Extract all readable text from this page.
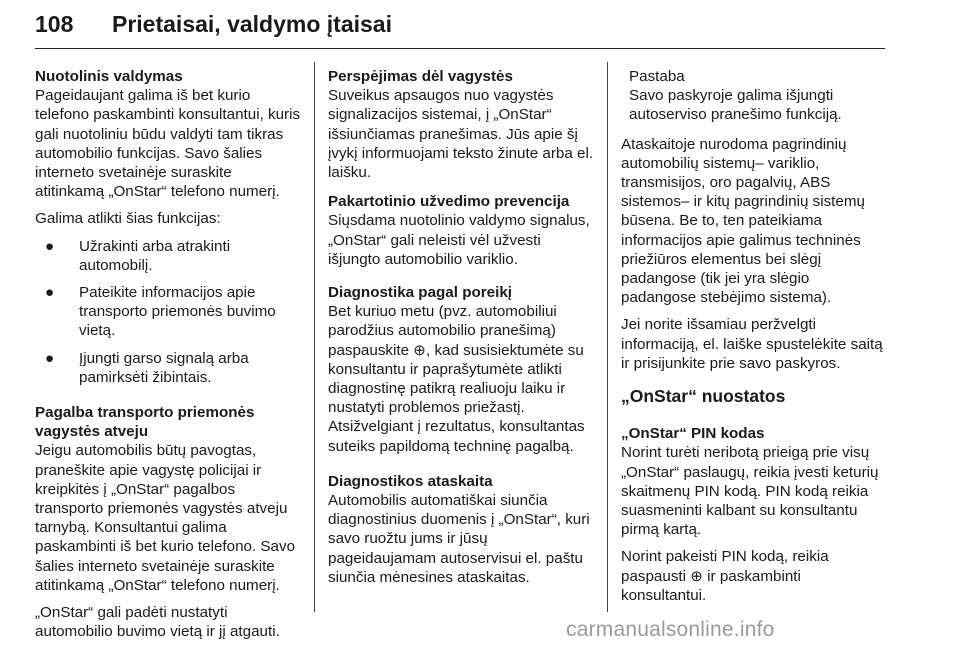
108 Prietaisai, valdymo įtaisai
Nuotolinis valdymas
Pageidaujant galima iš bet kurio telefono paskambinti konsultantui, kuris gali nuotoliniu būdu valdyti tam tikras automobilio funkcijas. Savo šalies interneto svetainėje suraskite atitinkamą „OnStar“ telefono numerį.
Galima atlikti šias funkcijas:
● Užrakinti arba atrakinti automobilį.
● Pateikite informacijos apie transporto priemonės buvimo vietą.
● Įjungti garso signalą arba pamirksėti žibintais.
Pagalba transporto priemonės vagystės atveju
Jeigu automobilis būtų pavogtas, praneškite apie vagystę policijai ir kreipkitės į „OnStar“ pagalbos transporto priemonės vagystės atveju tarnybą. Konsultantui galima paskambinti iš bet kurio telefono. Savo šalies interneto svetainėje suraskite atitinkamą „OnStar“ telefono numerį.
„OnStar“ gali padėti nustatyti automobilio buvimo vietą ir jį atgauti.
Perspėjimas dėl vagystės
Suveikus apsaugos nuo vagystės signalizacijos sistemai, į „OnStar“ išsiunčiamas pranešimas. Jūs apie šį įvykį informuojami teksto žinute arba el. laišku.
Pakartotinio užvedimo prevencija
Siųsdama nuotolinio valdymo signalus, „OnStar“ gali neleisti vėl užvesti išjungto automobilio variklio.
Diagnostika pagal poreikį
Bet kuriuo metu (pvz. automobiliui parodžius automobilio pranešimą) paspauskite ⊕, kad susisiektumėte su konsultantu ir paprašytumėte atlikti diagnostinę patikrą realiuoju laiku ir nustatyti problemos priežastį. Atsižvelgiant į rezultatus, konsultantas suteiks papildomą techninę pagalbą.
Diagnostikos ataskaita
Automobilis automatiškai siunčia diagnostinius duomenis į „OnStar“, kuri savo ruožtu jums ir jūsų pageidaujamam autoservisui el. paštu siunčia mėnesines ataskaitas.
Pastaba
Savo paskyroje galima išjungti autoserviso pranešimo funkciją.
Ataskaitoje nurodoma pagrindinių automobilių sistemų– variklio, transmisijos, oro pagalvių, ABS sistemos– ir kitų pagrindinių sistemų būsena. Be to, ten pateikiama informacijos apie galimus techninės priežiūros elementus bei slėgį padangose (tik jei yra slėgio padangose stebėjimo sistema).
Jei norite išsamiau peržvelgti informaciją, el. laiške spustelėkite saitą ir prisijunkite prie savo paskyros.
„OnStar“ nuostatos
„OnStar“ PIN kodas
Norint turėti neribotą prieigą prie visų „OnStar“ paslaugų, reikia įvesti keturių skaitmenų PIN kodą. PIN kodą reikia suasmeninti kalbant su konsultantu pirmą kartą.
Norint pakeisti PIN kodą, reikia paspausti ⊕ ir paskambinti konsultantui.
carmanualsonline.info
